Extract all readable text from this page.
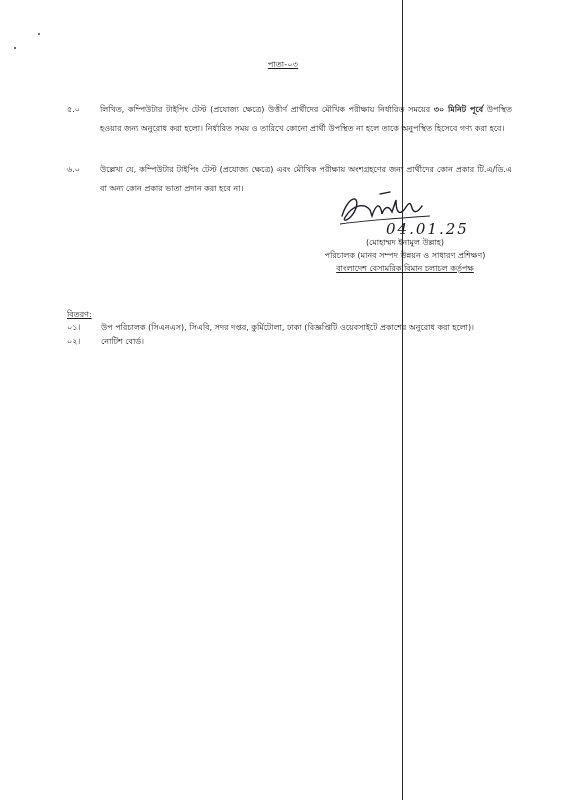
পাতা-০৩
৫.০	লিখিত, কম্পিউটার টাইপিং টেস্ট (প্রযোজ্য ক্ষেত্রে) উত্তীর্ণ প্রার্থীদের মৌখিক পরীক্ষায় নির্ধারিত সময়ের ৩০ মিনিট পূর্বে উপস্থিত হওয়ার জন্য অনুরোধ করা হলো। নির্ধারিত সময় ও তারিখে কোনো প্রার্থী উপস্থিত না হলে তাকে অনুপস্থিত হিসেবে গণ্য করা হবে।
৬.০	উল্লেখ্য যে, কম্পিউটার টাইপিং টেস্ট (প্রযোজ্য ক্ষেত্রে) এবং মৌখিক পরীক্ষায় অংশগ্রহণের জন্য প্রার্থীদের কোন প্রকার টি.এ/ডি.এ বা অন্য কোন প্রকার ভাতা প্রদান করা হবে না।
04.01.25
(মোহাম্মদ ইনামুল উল্লাহ)
পরিচালক (মানব সম্পদ উন্নয়ন ও সাধারণ প্রশিক্ষণ)
বাংলাদেশ বেসামরিক বিমান চলাচল কর্তৃপক্ষ
বিতরণ:
০১।	উপ পরিচালক (সিএনএস), সিএবি, সদর দপ্তর, কুর্মিটোলা, ঢাকা (বিজ্ঞপ্তিটি ওয়েবসাইটে প্রকাশের অনুরোধ করা হলো)।
০২।	নোটিশ বোর্ড।
